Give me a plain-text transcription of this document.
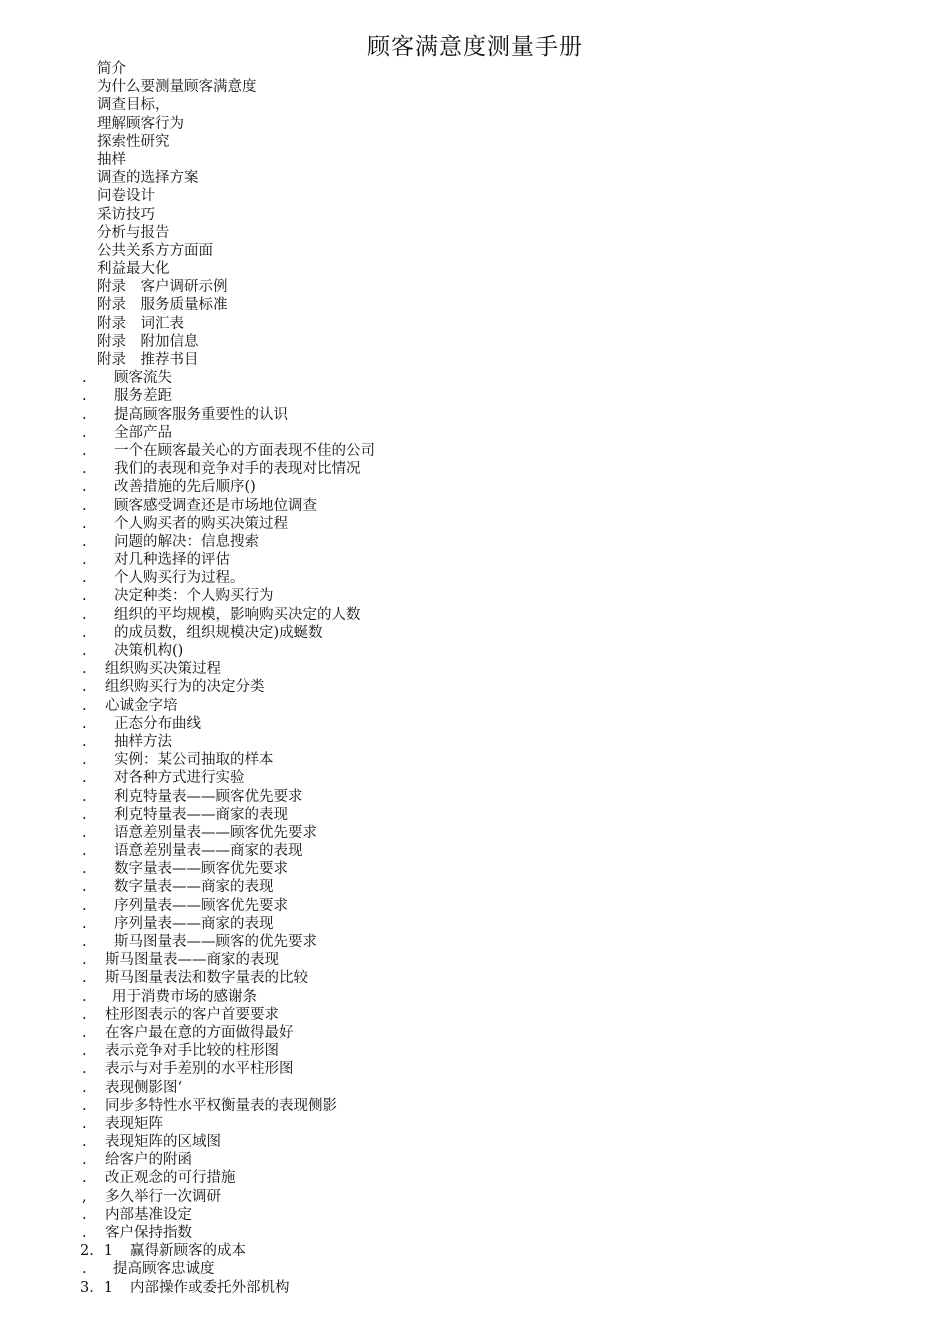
顾客满意度测量手册
简介
为什么要测量顾客满意度
调查目标，
理解顾客行为
探索性研究
抽样
调查的选择方案
问卷设计
采访技巧
分析与报告
公共关系方方面面
利益最大化
附录　客户调研示例
附录　服务质量标准
附录　词汇表
附录　附加信息
附录　推荐书目
. 顾客流失
. 服务差距
. 提高顾客服务重要性的认识
. 全部产品
. 一个在顾客最关心的方面表现不佳的公司
. 我们的表现和竞争对手的表现对比情况
. 改善措施的先后顺序()
. 顾客感受调查还是市场地位调查
. 个人购买者的购买决策过程
. 问题的解决：信息搜索
. 对几种选择的评估
. 个人购买行为过程。
. 决定种类：个人购买行为
. 组织的平均规模，影响购买决定的人数
. 的成员数，组织规模决定)成蜒数
. 决策机构()
. 组织购买决策过程
. 组织购买行为的决定分类
. 心诚金字培
. 正态分布曲线
. 抽样方法
. 实例：某公司抽取的样本
. 对各种方式进行实验
. 利克特量表——顾客优先要求
. 利克特量表——商家的表现
. 语意差别量表——顾客优先要求
. 语意差别量表——商家的表现
. 数字量表——顾客优先要求
. 数字量表——商家的表现
. 序列量表——顾客优先要求
. 序列量表——商家的表现
. 斯马图量表——顾客的优先要求
. 斯马图量表——商家的表现
. 斯马图量表法和数字量表的比较
. 用于消费市场的感谢条
. 柱形图表示的客户首要要求
. 在客户最在意的方面做得最好
. 表示竞争对手比较的柱形图
. 表示与对手差别的水平柱形图
. 表现侧影图‘
. 同步多特性水平权衡量表的表现侧影
. 表现矩阵
. 表现矩阵的区域图
. 给客户的附函
. 改正观念的可行措施
, 多久举行一次调研
. 内部基准设定
. 客户保持指数
2．1 赢得新顾客的成本
. 提高顾客忠诚度
3．1 内部操作或委托外部机构
